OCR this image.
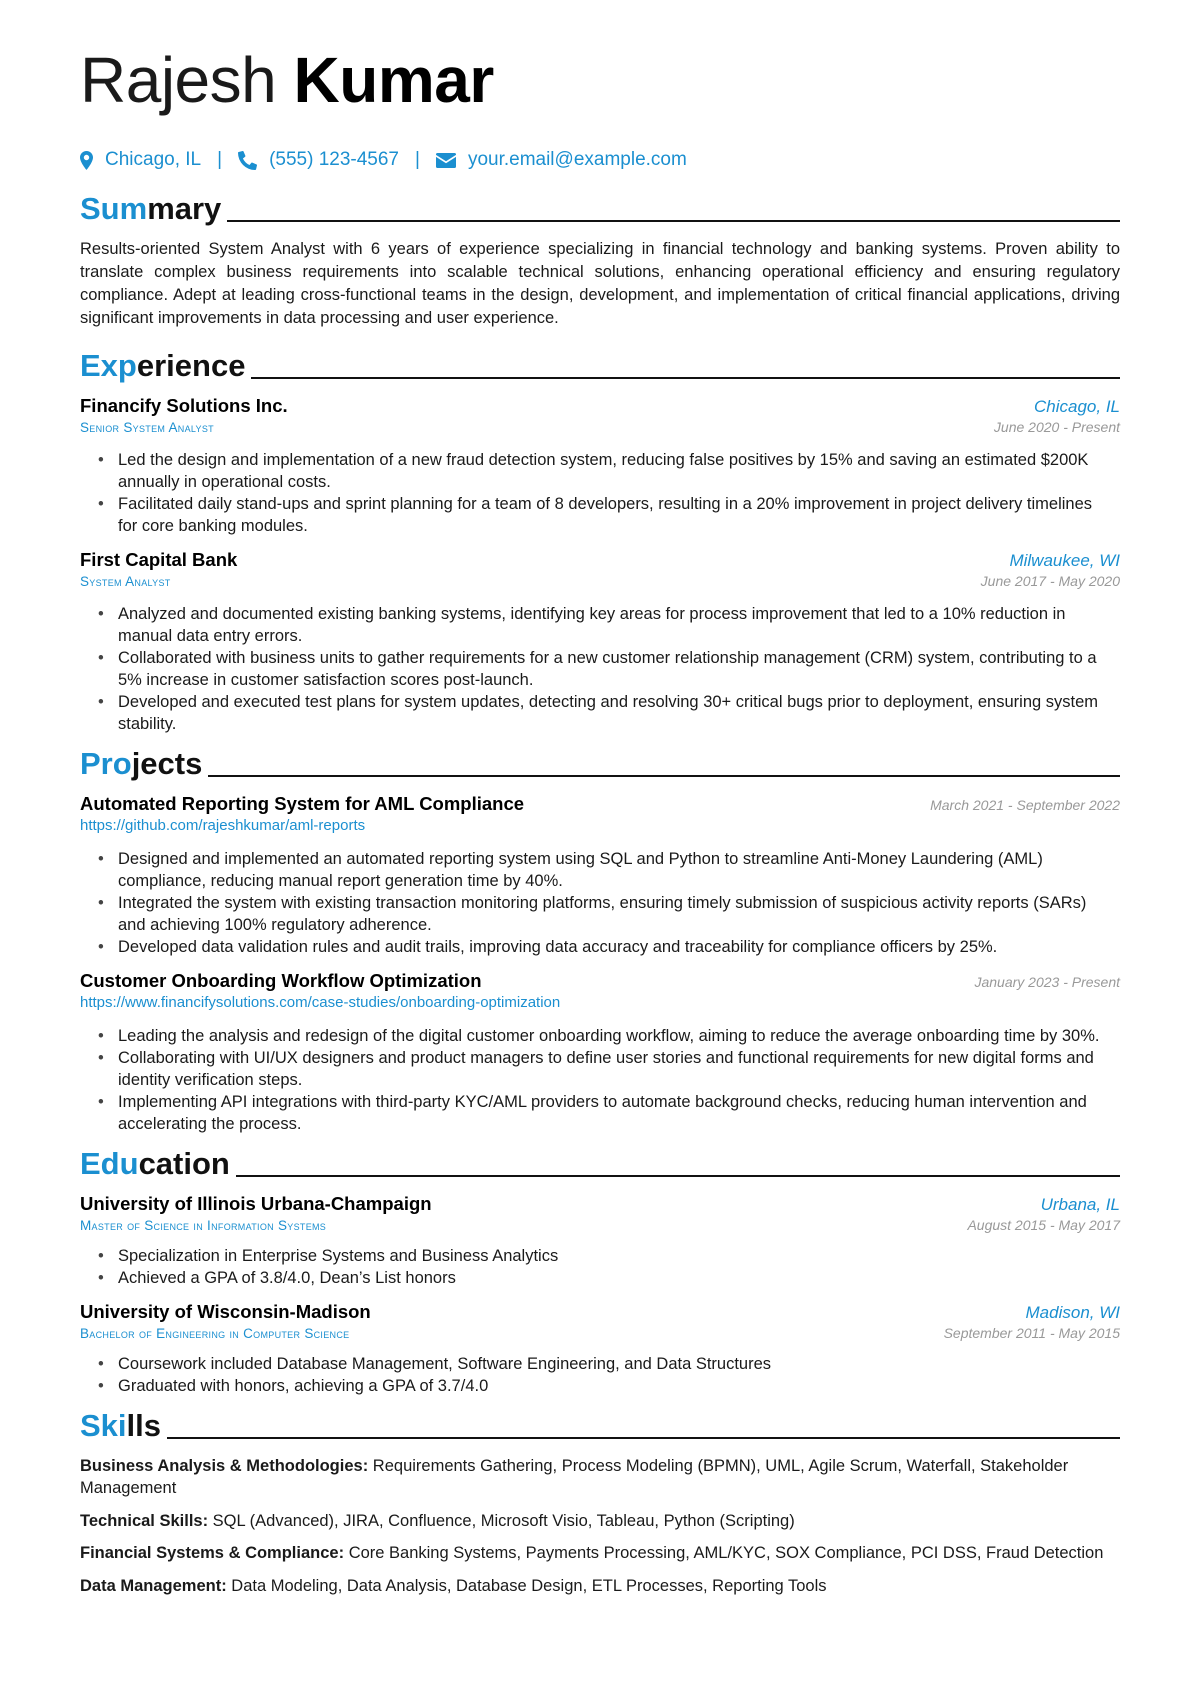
Rajesh Kumar
Chicago, IL | (555) 123-4567 |	your.email@example.com
Summary

Results-oriented System Analyst with 6 years of experience specializing in financial technology and banking systems. Proven ability to translate complex business requirements into scalable technical solutions, enhancing operational efficiency and ensuring regulatory compliance. Adept at leading cross-functional teams in the design, development, and implementation of critical financial applications, driving significant improvements in data processing and user experience.

Experience
Financify Solutions Inc.	Chicago, IL
Senior System Analyst	June 2020 - Present
• Led the design and implementation of a new fraud detection system, reducing false positives by 15% and saving an estimated $200K annually in operational costs.
• Facilitated daily stand-ups and sprint planning for a team of 8 developers, resulting in a 20% improvement in project delivery timelines for core banking modules.
First Capital Bank	Milwaukee, WI
System Analyst	June 2017 - May 2020
• Analyzed and documented existing banking systems, identifying key areas for process improvement that led to a 10% reduction in manual data entry errors.
• Collaborated with business units to gather requirements for a new customer relationship management (CRM) system, contributing to a 5% increase in customer satisfaction scores post-launch.
• Developed and executed test plans for system updates, detecting and resolving 30+ critical bugs prior to deployment, ensuring system stability.
Projects
Automated Reporting System for AML Compliance	March 2021 - September 2022
https://github.com/rajeshkumar/aml-reports
• Designed and implemented an automated reporting system using SQL and Python to streamline Anti-Money Laundering (AML) compliance, reducing manual report generation time by 40%.
• Integrated the system with existing transaction monitoring platforms, ensuring timely submission of suspicious activity reports (SARs) and achieving 100% regulatory adherence.
• Developed data validation rules and audit trails, improving data accuracy and traceability for compliance officers by 25%.
Customer Onboarding Workflow Optimization	January 2023 - Present
https://www.financifysolutions.com/case-studies/onboarding-optimization
• Leading the analysis and redesign of the digital customer onboarding workflow, aiming to reduce the average onboarding time by 30%.
• Collaborating with UI/UX designers and product managers to define user stories and functional requirements for new digital forms and identity verification steps.
• Implementing API integrations with third-party KYC/AML providers to automate background checks, reducing human intervention and accelerating the process.
Education
University of Illinois Urbana-Champaign	Urbana, IL
Master of Science in Information Systems	August 2015 - May 2017
• Specialization in Enterprise Systems and Business Analytics
• Achieved a GPA of 3.8/4.0, Dean’s List honors
University of Wisconsin-Madison	Madison, WI
Bachelor of Engineering in Computer Science	September 2011 - May 2015
• Coursework included Database Management, Software Engineering, and Data Structures
• Graduated with honors, achieving a GPA of 3.7/4.0
Skills
Business Analysis & Methodologies: Requirements Gathering, Process Modeling (BPMN), UML, Agile Scrum, Waterfall, Stakeholder Management
Technical Skills: SQL (Advanced), JIRA, Confluence, Microsoft Visio, Tableau, Python (Scripting)
Financial Systems & Compliance: Core Banking Systems, Payments Processing, AML/KYC, SOX Compliance, PCI DSS, Fraud Detection
Data Management: Data Modeling, Data Analysis, Database Design, ETL Processes, Reporting Tools
